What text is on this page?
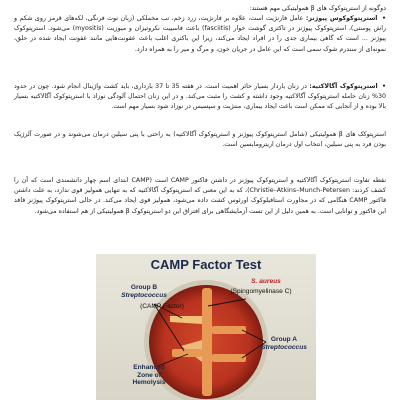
دوگونه از استرپتوکوک های β همولیتیکی مهم هستند:

• استرپتوکوکوس پیوژنز: عامل فارنژیت است، علاوه بر فارنژیت، زرد زخم، تب مخملکی (زبان توت فرنگی، لکه‌های قرمز روی شکم و راش پوستی)، استرپتوکوک پیوژنز در تاکثری گوشت خوار (fasciitis) باعث فاسییت نکروتیزان و میوزیت (myositis) می‌شود. استرپتوکوک پیوژنز ... است که گاهی بیماری جدی را در افراد ایجاد می‌کند، زیرا این باکتری اغلب باعث عفونت‌هایی مانند عفونت ایجاد شده در حلق، نمونه‌ای از سندرم شوک سمی است که این عامل در جریان خون، و مرگ و میر را به همراه دارد.

• استرپتوکوک آگالاکتیه: در زنان باردار بسیار حائز اهمیت است. در هفته 35 تا 37 بارداری، باید کشت واژینال انجام شود. چون در حدود 30% زنان حامله استرپتوکوک آگالاکتیه وجود داشته و کشت را مثبت می‌کند. و در این زنان احتمال آلودگی نوزاد با استرپتوکوک آگالاکتیه بسیار بالا بوده و از آنجایی که ممکن است باعث ایجاد بیماری، مننژیت و سپسیس در نوزاد شود بسیار مهم است.

استرپتوکک های β همولیتیکی (شامل استرپتوکوک پیوژنز و استرپتوکوک آگالاکتیه) به راحتی با پنی سیلین درمان می‌شوند و در صورت آلرژیک بودن فرد به پنی سیلین، انتخاب اول درمان اریترومایسین است.

نقطه تفاوت استرپتوکوک آگالاکتیه و استرپتوکوک پیوژنز در داشتن فاکتور CAMP است (CAMP ابتدای اسم چهار دانشمندی است که آن را کشف کردند: Christie–Atkins–Munch-Petersen)، که به این معنی که استرپتوکوک آگالاکتیه که به تنهایی همولیز قوی ندارد، به علت داشتن فاکتور CAMP هنگامی که در مجاورت استافیلوکوک اورئوس کشت داده می‌شود، همولیز قوی ایجاد می‌کند. در حالی استرپتوکوک پیوژنز فاقد این فاکتور و توانایی است. به همین دلیل از این تست آزمایشگاهی برای افتراق این دو استرپتوکوک β همولیتیکی از هم استفاده می‌شود.

CAMP Factor Test
Group B
Streptococcus
(CAMP Factor)
S. aureus
(Spingomyelinase C)
Group A
Streptococcus
Enhanced
Zone of
Hemolysis
